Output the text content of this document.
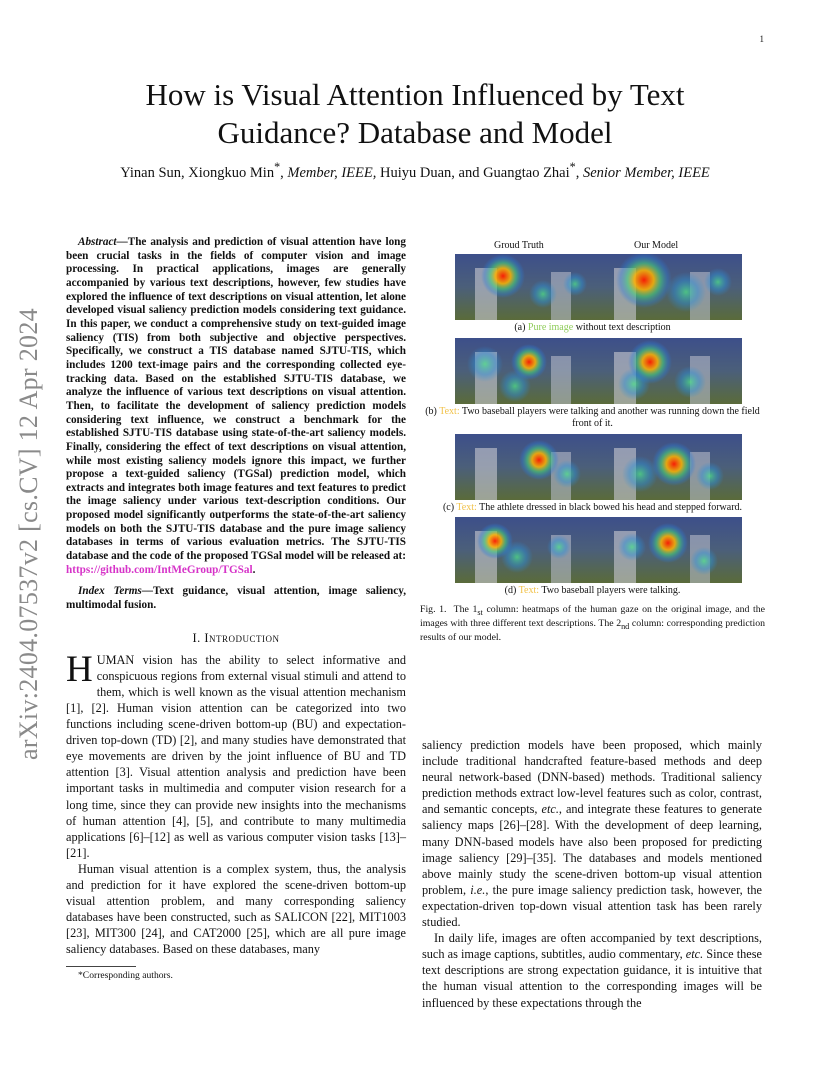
1
arXiv:2404.07537v2 [cs.CV] 12 Apr 2024
How is Visual Attention Influenced by Text Guidance? Database and Model
Yinan Sun, Xiongkuo Min*, Member, IEEE, Huiyu Duan, and Guangtao Zhai*, Senior Member, IEEE

Abstract—The analysis and prediction of visual attention have long been crucial tasks in the fields of computer vision and image processing. In practical applications, images are generally accompanied by various text descriptions, however, few studies have explored the influence of text descriptions on visual attention, let alone developed visual saliency prediction models considering text guidance. In this paper, we conduct a comprehensive study on text-guided image saliency (TIS) from both subjective and objective perspectives. Specifically, we construct a TIS database named SJTU-TIS, which includes 1200 text-image pairs and the corresponding collected eye-tracking data. Based on the established SJTU-TIS database, we analyze the influence of various text descriptions on visual attention. Then, to facilitate the development of saliency prediction models considering text influence, we construct a benchmark for the established SJTU-TIS database using state-of-the-art saliency models. Finally, considering the effect of text descriptions on visual attention, while most existing saliency models ignore this impact, we further propose a text-guided saliency (TGSal) prediction model, which extracts and integrates both image features and text features to predict the image saliency under various text-description conditions. Our proposed model significantly outperforms the state-of-the-art saliency models on both the SJTU-TIS database and the pure image saliency databases in terms of various evaluation metrics. The SJTU-TIS database and the code of the proposed TGSal model will be released at: https://github.com/IntMeGroup/TGSal.

Index Terms—Text guidance, visual attention, image saliency, multimodal fusion.

I. Introduction

HUMAN vision has the ability to select informative and conspicuous regions from external visual stimuli and attend to them, which is well known as the visual attention mechanism [1], [2]. Human vision attention can be categorized into two functions including scene-driven bottom-up (BU) and expectation-driven top-down (TD) [2], and many studies have demonstrated that eye movements are driven by the joint influence of BU and TD attention [3]. Visual attention analysis and prediction have been important tasks in multimedia and computer vision research for a long time, since they can provide new insights into the mechanisms of human attention [4], [5], and contribute to many multimedia applications [6]–[12] as well as various computer vision tasks [13]–[21].

Human visual attention is a complex system, thus, the analysis and prediction for it have explored the scene-driven bottom-up visual attention problem, and many corresponding saliency databases have been constructed, such as SALICON [22], MIT1003 [23], MIT300 [24], and CAT2000 [25], which are all pure image saliency databases. Based on these databases, many

*Corresponding authors.
Groud Truth	Our Model
(a) Pure image without text description
(b) Text: Two baseball players were talking and another was running down the field front of it.
(c) Text: The athlete dressed in black bowed his head and stepped forward.
(d) Text: Two baseball players were talking.
Fig. 1. The $1_{st}$ column: heatmaps of the human gaze on the original image, and the images with three different text descriptions. The $2_{nd}$ column: corresponding prediction results of our model.

saliency prediction models have been proposed, which mainly include traditional handcrafted feature-based methods and deep neural network-based (DNN-based) methods. Traditional saliency prediction methods extract low-level features such as color, contrast, and semantic concepts, etc., and integrate these features to generate saliency maps [26]–[28]. With the development of deep learning, many DNN-based models have also been proposed for predicting image saliency [29]–[35]. The databases and models mentioned above mainly study the scene-driven bottom-up visual attention problem, i.e., the pure image saliency prediction task, however, the expectation-driven top-down visual attention task has been rarely studied.

In daily life, images are often accompanied by text descriptions, such as image captions, subtitles, audio commentary, etc. Since these text descriptions are strong expectation guidance, it is intuitive that the human visual attention to the corresponding images will be influenced by these expectations through the
